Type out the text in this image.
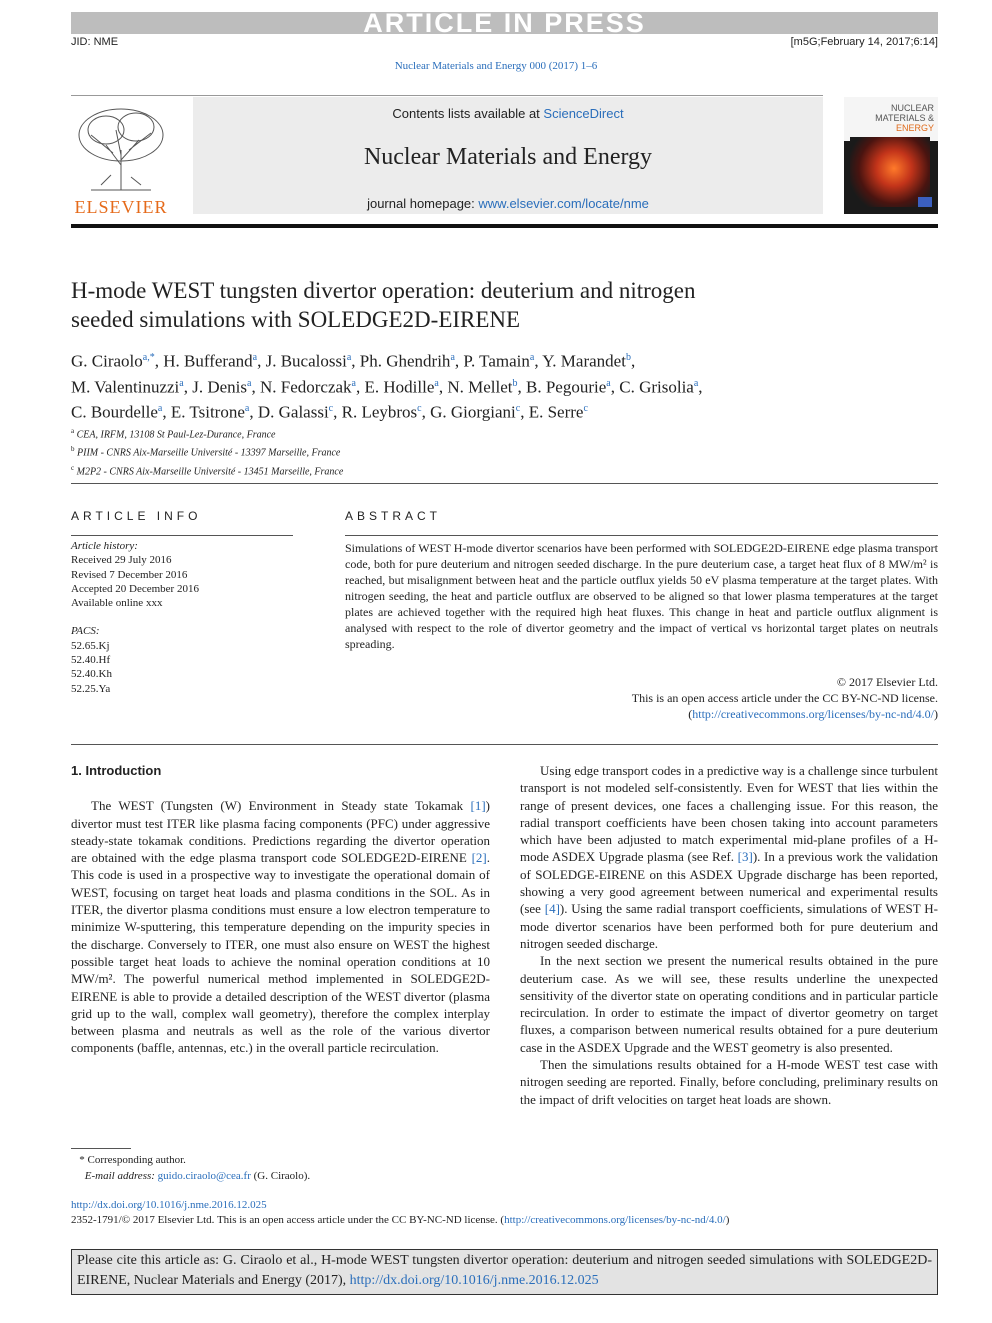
ARTICLE IN PRESS
JID: NME	[m5G;February 14, 2017;6:14]
Nuclear Materials and Energy 000 (2017) 1–6
ELSEVIER
Contents lists available at ScienceDirect
Nuclear Materials and Energy
journal homepage: www.elsevier.com/locate/nme
NUCLEAR
MATERIALS &
ENERGY
H-mode WEST tungsten divertor operation: deuterium and nitrogen
seeded simulations with SOLEDGE2D-EIRENE
G. Ciraolo$^{a,*}$, H. Bufferand$^a$, J. Bucalossi$^a$, Ph. Ghendrih$^a$, P. Tamain$^a$, Y. Marandet$^b$,
M. Valentinuzzi$^a$, J. Denis$^a$, N. Fedorczak$^a$, E. Hodille$^a$, N. Mellet$^b$, B. Pegourie$^a$, C. Grisolia$^a$,
C. Bourdelle$^a$, E. Tsitrone$^a$, D. Galassi$^c$, R. Leybros$^c$, G. Giorgiani$^c$, E. Serre$^c$
$^a$ CEA, IRFM, 13108 St Paul-Lez-Durance, France
$^b$ PIIM - CNRS Aix-Marseille Université - 13397 Marseille, France
$^c$ M2P2 - CNRS Aix-Marseille Université - 13451 Marseille, France
ARTICLE INFO
Article history:
Received 29 July 2016
Revised 7 December 2016
Accepted 20 December 2016
Available online xxx
PACS:
52.65.Kj
52.40.Hf
52.40.Kh
52.25.Ya
ABSTRACT
Simulations of WEST H-mode divertor scenarios have been performed with SOLEDGE2D-EIRENE edge plasma transport code, both for pure deuterium and nitrogen seeded discharge. In the pure deuterium case, a target heat flux of 8 MW/m² is reached, but misalignment between heat and the particle outflux yields 50 eV plasma temperature at the target plates. With nitrogen seeding, the heat and particle outflux are observed to be aligned so that lower plasma temperatures at the target plates are achieved together with the required high heat fluxes. This change in heat and particle outflux alignment is analysed with respect to the role of divertor geometry and the impact of vertical vs horizontal target plates on neutrals spreading.
© 2017 Elsevier Ltd.
This is an open access article under the CC BY-NC-ND license.
(http://creativecommons.org/licenses/by-nc-nd/4.0/)
1. Introduction

The WEST (Tungsten (W) Environment in Steady state Tokamak [1]) divertor must test ITER like plasma facing components (PFC) under aggressive steady-state tokamak conditions. Predictions regarding the divertor operation are obtained with the edge plasma transport code SOLEDGE2D-EIRENE [2]. This code is used in a prospective way to investigate the operational domain of WEST, focusing on target heat loads and plasma conditions in the SOL. As in ITER, the divertor plasma conditions must ensure a low electron temperature to minimize W-sputtering, this temperature depending on the impurity species in the discharge. Conversely to ITER, one must also ensure on WEST the highest possible target heat loads to achieve the nominal operation conditions at 10 MW/m². The powerful numerical method implemented in SOLEDGE2D-EIRENE is able to provide a detailed description of the WEST divertor (plasma grid up to the wall, complex wall geometry), therefore the complex interplay between plasma and neutrals as well as the role of the various divertor components (baffle, antennas, etc.) in the overall particle recirculation.

Using edge transport codes in a predictive way is a challenge since turbulent transport is not modeled self-consistently. Even for WEST that lies within the range of present devices, one faces a challenging issue. For this reason, the radial transport coefficients have been chosen taking into account parameters which have been adjusted to match experimental mid-plane profiles of a H-mode ASDEX Upgrade plasma (see Ref. [3]). In a previous work the validation of SOLEDGE-EIRENE on this ASDEX Upgrade discharge has been reported, showing a very good agreement between numerical and experimental results (see [4]). Using the same radial transport coefficients, simulations of WEST H-mode divertor scenarios have been performed both for pure deuterium and nitrogen seeded discharge.

In the next section we present the numerical results obtained in the pure deuterium case. As we will see, these results underline the unexpected sensitivity of the divertor state on operating conditions and in particular particle recirculation. In order to estimate the impact of divertor geometry on target fluxes, a comparison between numerical results obtained for a pure deuterium case in the ASDEX Upgrade and the WEST geometry is also presented.

Then the simulations results obtained for a H-mode WEST test case with nitrogen seeding are reported. Finally, before concluding, preliminary results on the impact of drift velocities on target heat loads are shown.

* Corresponding author.
E-mail address: guido.ciraolo@cea.fr (G. Ciraolo).
http://dx.doi.org/10.1016/j.nme.2016.12.025
2352-1791/© 2017 Elsevier Ltd. This is an open access article under the CC BY-NC-ND license. (http://creativecommons.org/licenses/by-nc-nd/4.0/)
Please cite this article as: G. Ciraolo et al., H-mode WEST tungsten divertor operation: deuterium and nitrogen seeded simulations with SOLEDGE2D-EIRENE, Nuclear Materials and Energy (2017), http://dx.doi.org/10.1016/j.nme.2016.12.025
